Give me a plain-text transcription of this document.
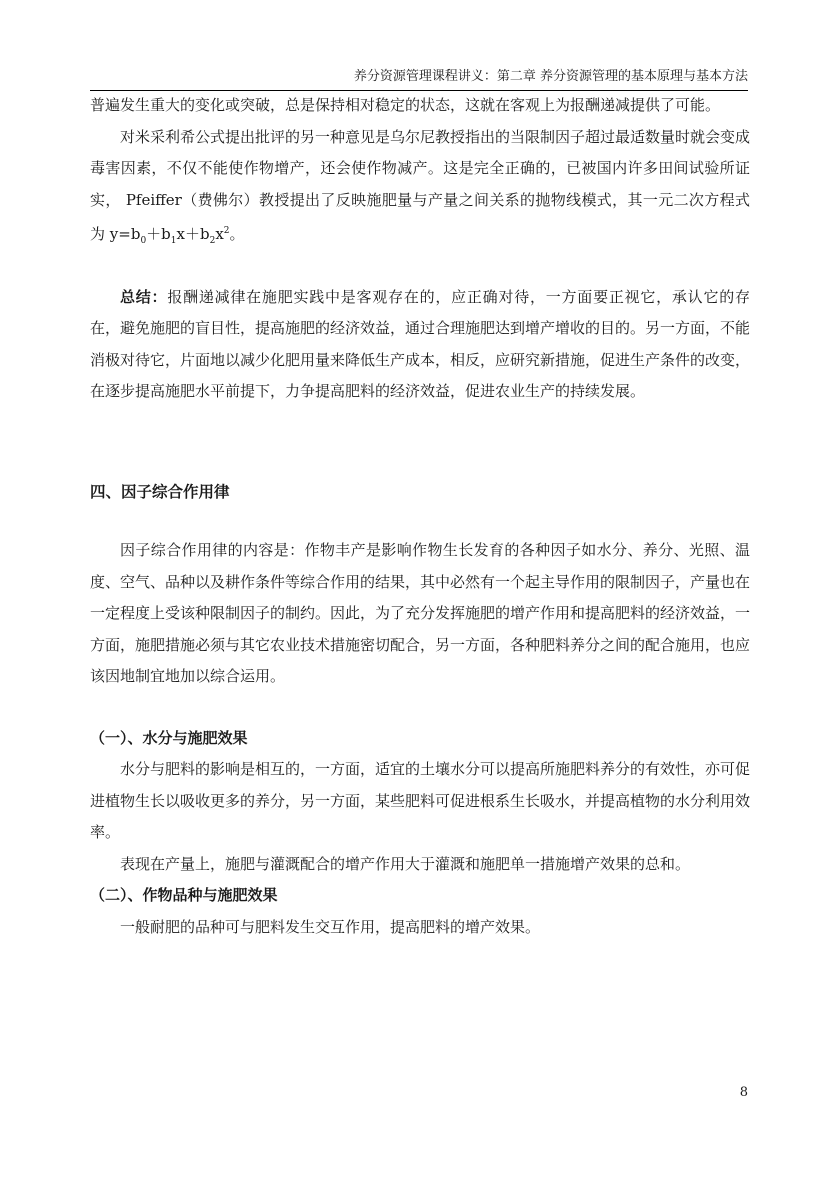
养分资源管理课程讲义：第二章 养分资源管理的基本原理与基本方法

普遍发生重大的变化或突破，总是保持相对稳定的状态，这就在客观上为报酬递减提供了可能。

对米采利希公式提出批评的另一种意见是乌尔尼教授指出的当限制因子超过最适数量时就会变成毒害因素，不仅不能使作物增产，还会使作物减产。这是完全正确的，已被国内许多田间试验所证实， Pfeiffer（费佛尔）教授提出了反映施肥量与产量之间关系的抛物线模式，其一元二次方程式为 $y=b_0+b_1x+b_2x^2$。

总结：报酬递减律在施肥实践中是客观存在的，应正确对待，一方面要正视它，承认它的存在，避免施肥的盲目性，提高施肥的经济效益，通过合理施肥达到增产增收的目的。另一方面，不能消极对待它，片面地以减少化肥用量来降低生产成本，相反，应研究新措施，促进生产条件的改变，在逐步提高施肥水平前提下，力争提高肥料的经济效益，促进农业生产的持续发展。

四、因子综合作用律

因子综合作用律的内容是：作物丰产是影响作物生长发育的各种因子如水分、养分、光照、温度、空气、品种以及耕作条件等综合作用的结果，其中必然有一个起主导作用的限制因子，产量也在一定程度上受该种限制因子的制约。因此，为了充分发挥施肥的增产作用和提高肥料的经济效益，一方面，施肥措施必须与其它农业技术措施密切配合，另一方面，各种肥料养分之间的配合施用，也应该因地制宜地加以综合运用。

（一）、水分与施肥效果

水分与肥料的影响是相互的，一方面，适宜的土壤水分可以提高所施肥料养分的有效性，亦可促进植物生长以吸收更多的养分，另一方面，某些肥料可促进根系生长吸水，并提高植物的水分利用效率。

表现在产量上，施肥与灌溉配合的增产作用大于灌溉和施肥单一措施增产效果的总和。

（二）、作物品种与施肥效果

一般耐肥的品种可与肥料发生交互作用，提高肥料的增产效果。

8
